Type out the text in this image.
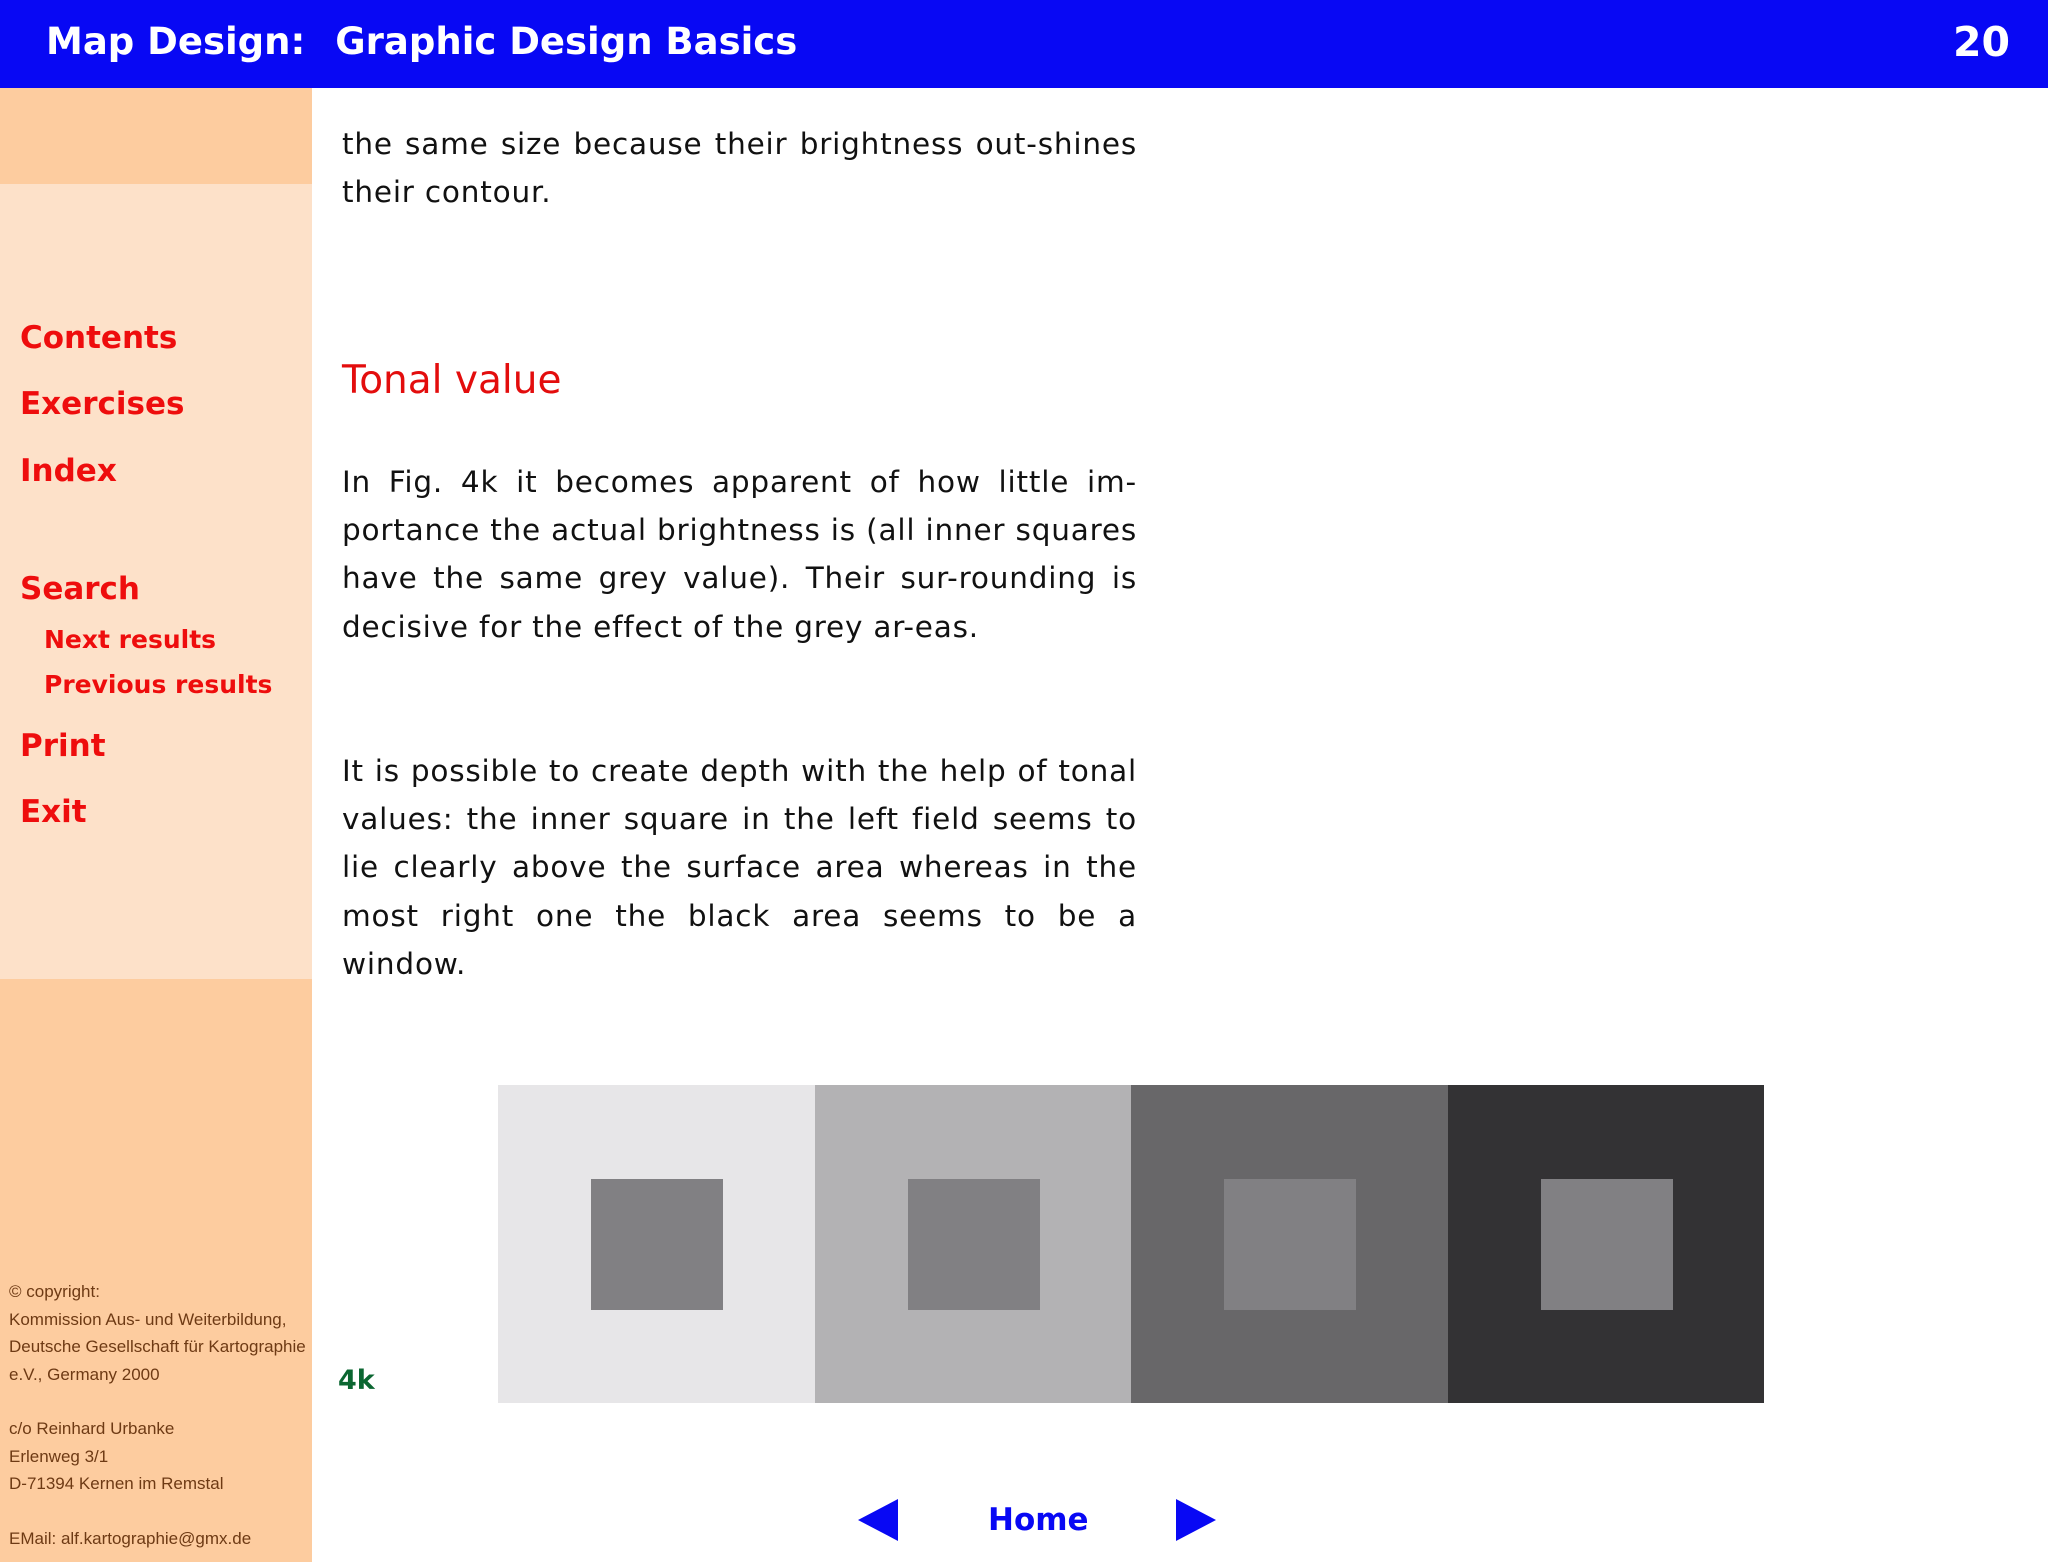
Map Design: Graphic Design Basics	20
Contents
Exercises
Index
Search
Next results
Previous results
Print
Exit
© copyright:
Kommission Aus- und Weiterbildung,
Deutsche Gesellschaft für Kartographie
e.V., Germany 2000
c/o Reinhard Urbanke
Erlenweg 3/1
D-71394 Kernen im Remstal
EMail: alf.kartographie@gmx.de

the same size because their brightness out-shines their contour.

Tonal value

In Fig. 4k it becomes apparent of how little im-portance the actual brightness is (all inner squares have the same grey value). Their sur-rounding is decisive for the effect of the grey ar-eas.

It is possible to create depth with the help of tonal values: the inner square in the left field seems to lie clearly above the surface area whereas in the most right one the black area seems to be a window.

4k
Home
